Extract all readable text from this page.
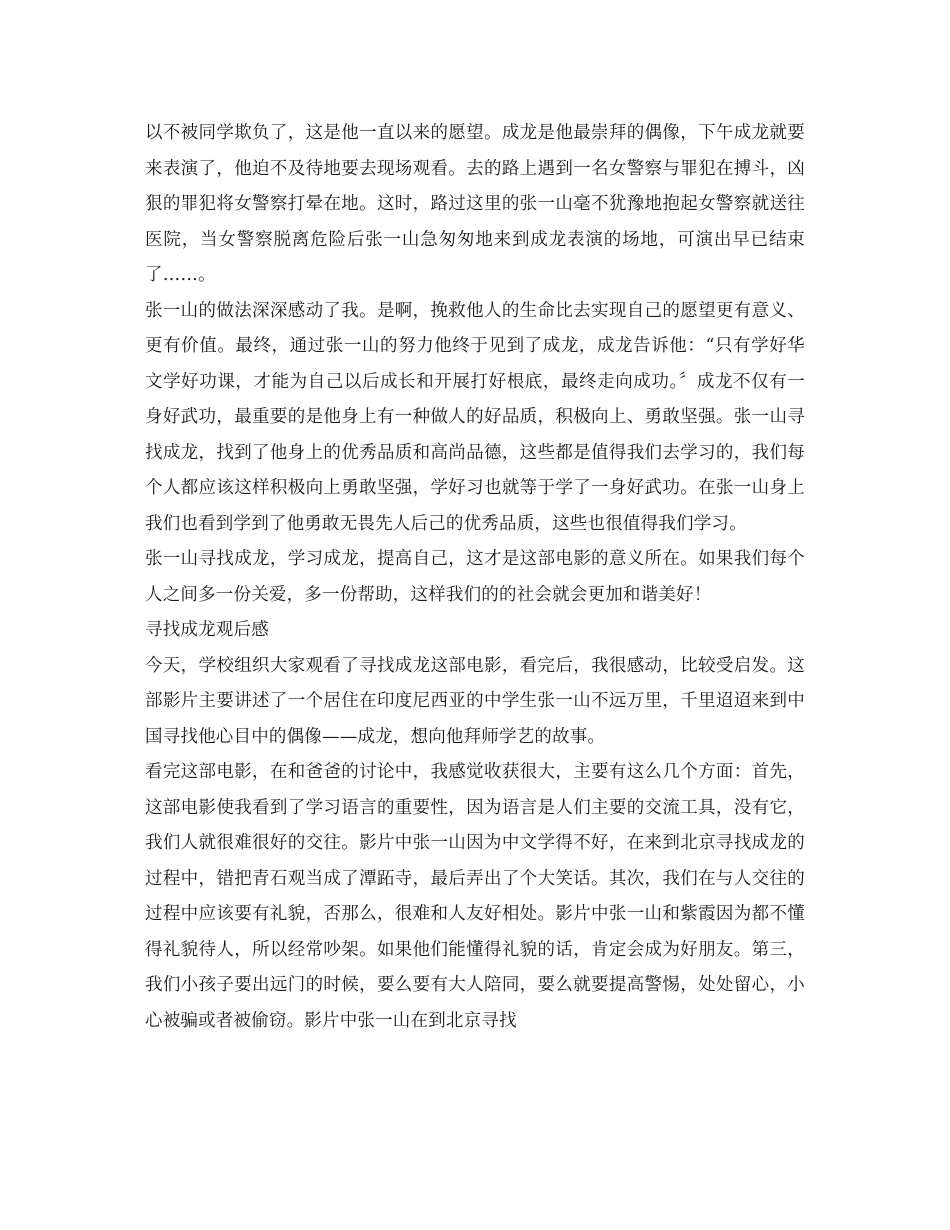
以不被同学欺负了，这是他一直以来的愿望。成龙是他最崇拜的偶像，下午成龙就要来表演了，他迫不及待地要去现场观看。去的路上遇到一名女警察与罪犯在搏斗，凶狠的罪犯将女警察打晕在地。这时，路过这里的张一山毫不犹豫地抱起女警察就送往医院，当女警察脱离危险后张一山急匆匆地来到成龙表演的场地，可演出早已结束了……。

张一山的做法深深感动了我。是啊，挽救他人的生命比去实现自己的愿望更有意义、更有价值。最终，通过张一山的努力他终于见到了成龙，成龙告诉他：“只有学好华文学好功课，才能为自己以后成长和开展打好根底，最终走向成功。〞成龙不仅有一身好武功，最重要的是他身上有一种做人的好品质，积极向上、勇敢坚强。张一山寻找成龙，找到了他身上的优秀品质和高尚品德，这些都是值得我们去学习的，我们每个人都应该这样积极向上勇敢坚强，学好习也就等于学了一身好武功。在张一山身上我们也看到学到了他勇敢无畏先人后己的优秀品质，这些也很值得我们学习。

张一山寻找成龙，学习成龙，提高自己，这才是这部电影的意义所在。如果我们每个人之间多一份关爱，多一份帮助，这样我们的的社会就会更加和谐美好！

寻找成龙观后感

今天，学校组织大家观看了寻找成龙这部电影，看完后，我很感动，比较受启发。这部影片主要讲述了一个居住在印度尼西亚的中学生张一山不远万里，千里迢迢来到中国寻找他心目中的偶像——成龙，想向他拜师学艺的故事。

看完这部电影，在和爸爸的讨论中，我感觉收获很大，主要有这么几个方面：首先，这部电影使我看到了学习语言的重要性，因为语言是人们主要的交流工具，没有它，我们人就很难很好的交往。影片中张一山因为中文学得不好，在来到北京寻找成龙的过程中，错把青石观当成了潭跖寺，最后弄出了个大笑话。其次，我们在与人交往的过程中应该要有礼貌，否那么，很难和人友好相处。影片中张一山和紫霞因为都不懂得礼貌待人，所以经常吵架。如果他们能懂得礼貌的话，肯定会成为好朋友。第三，我们小孩子要出远门的时候，要么要有大人陪同，要么就要提高警惕，处处留心，小心被骗或者被偷窃。影片中张一山在到北京寻找
